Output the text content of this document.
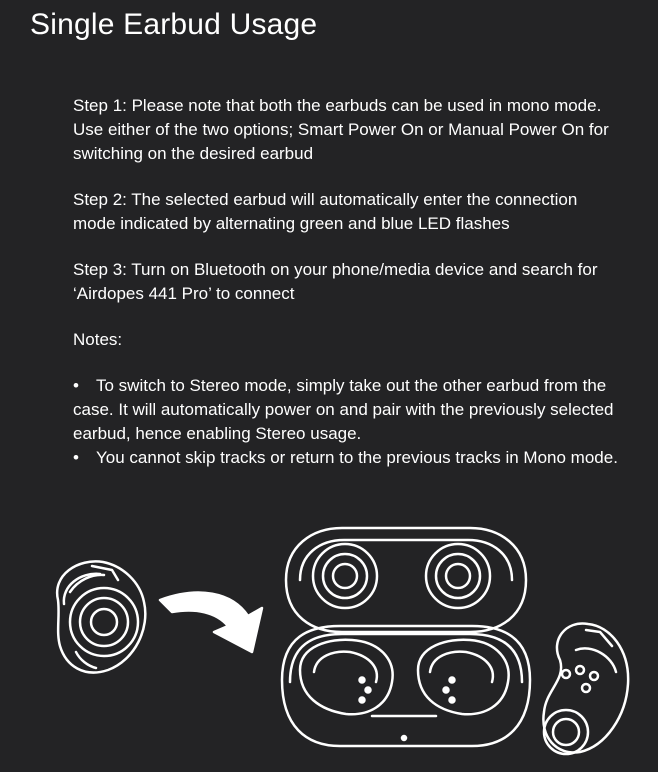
Single Earbud Usage

Step 1: Please note that both the earbuds can be used in mono mode. Use either of the two options; Smart Power On or Manual Power On for switching on the desired earbud

Step 2: The selected earbud will automatically enter the connection mode indicated by alternating green and blue LED flashes

Step 3: Turn on Bluetooth on your phone/media device and search for ‘Airdopes 441 Pro’ to connect

Notes:

• To switch to Stereo mode, simply take out the other earbud from the case. It will automatically power on and pair with the previously selected earbud, hence enabling Stereo usage.
• You cannot skip tracks or return to the previous tracks in Mono mode.
